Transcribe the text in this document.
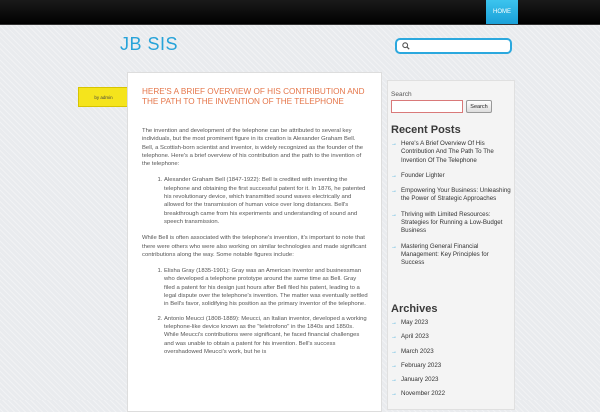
HOME
JB SIS
by admin
HERE'S A BRIEF OVERVIEW OF HIS CONTRIBUTION AND THE PATH TO THE INVENTION OF THE TELEPHONE

The invention and development of the telephone can be attributed to several key individuals, but the most prominent figure in its creation is Alexander Graham Bell. Bell, a Scottish-born scientist and inventor, is widely recognized as the founder of the telephone. Here's a brief overview of his contribution and the path to the invention of the telephone:

1. Alexander Graham Bell (1847-1922): Bell is credited with inventing the telephone and obtaining the first successful patent for it. In 1876, he patented his revolutionary device, which transmitted sound waves electrically and allowed for the transmission of human voice over long distances. Bell's breakthrough came from his experiments and understanding of sound and speech transmission.

While Bell is often associated with the telephone's invention, it's important to note that there were others who were also working on similar technologies and made significant contributions along the way. Some notable figures include:

1. Elisha Gray (1835-1901): Gray was an American inventor and businessman who developed a telephone prototype around the same time as Bell. Gray filed a patent for his design just hours after Bell filed his patent, leading to a legal dispute over the telephone's invention. The matter was eventually settled in Bell's favor, solidifying his position as the primary inventor of the telephone.
2. Antonio Meucci (1808-1889): Meucci, an Italian inventor, developed a working telephone-like device known as the "teletrofono" in the 1840s and 1850s. While Meucci's contributions were significant, he faced financial challenges and was unable to obtain a patent for his invention. Bell's success overshadowed Meucci's work, but he is
Search
Search
Recent Posts
→ Here's A Brief Overview Of His Contribution And The Path To The Invention Of The Telephone
→ Founder Lighter
→ Empowering Your Business: Unleashing the Power of Strategic Approaches
→ Thriving with Limited Resources: Strategies for Running a Low-Budget Business
→ Mastering General Financial Management: Key Principles for Success
Archives
→ May 2023
→ April 2023
→ March 2023
→ February 2023
→ January 2023
→ November 2022
